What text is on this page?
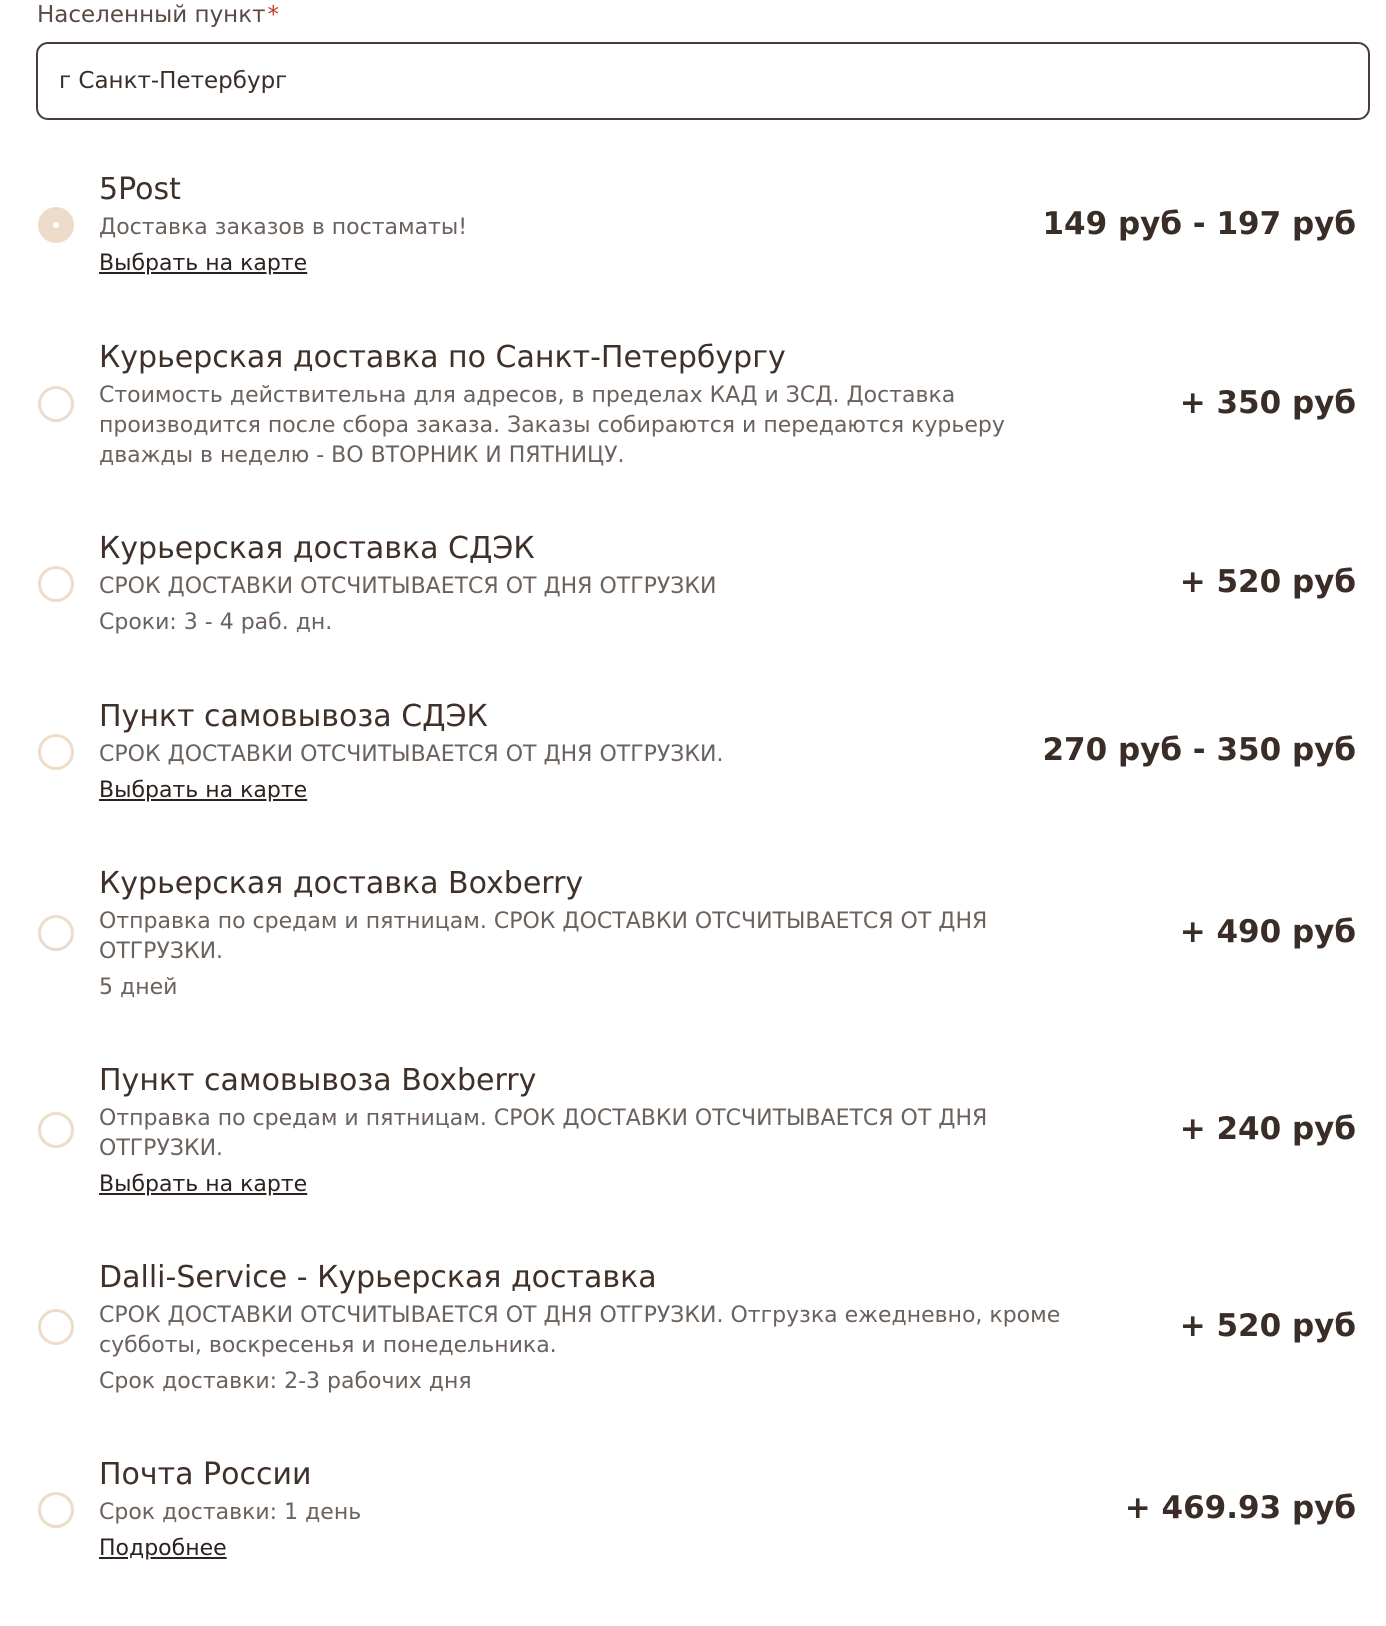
Населенный пункт*
г Санкт-Петербург
5Post
Доставка заказов в постаматы!
Выбрать на карте
149 руб - 197 руб
Курьерская доставка по Санкт-Петербургу
Стоимость действительна для адресов, в пределах КАД и ЗСД. Доставка производится после сбора заказа. Заказы собираются и передаются курьеру дважды в неделю - ВО ВТОРНИК И ПЯТНИЦУ.
+ 350 руб
Курьерская доставка СДЭК
СРОК ДОСТАВКИ ОТСЧИТЫВАЕТСЯ ОТ ДНЯ ОТГРУЗКИ
Сроки: 3 - 4 раб. дн.
+ 520 руб
Пункт самовывоза СДЭК
СРОК ДОСТАВКИ ОТСЧИТЫВАЕТСЯ ОТ ДНЯ ОТГРУЗКИ.
Выбрать на карте
270 руб - 350 руб
Курьерская доставка Boxberry
Отправка по средам и пятницам. СРОК ДОСТАВКИ ОТСЧИТЫВАЕТСЯ ОТ ДНЯ ОТГРУЗКИ.
5 дней
+ 490 руб
Пункт самовывоза Boxberry
Отправка по средам и пятницам. СРОК ДОСТАВКИ ОТСЧИТЫВАЕТСЯ ОТ ДНЯ ОТГРУЗКИ.
Выбрать на карте
+ 240 руб
Dalli-Service - Курьерская доставка
СРОК ДОСТАВКИ ОТСЧИТЫВАЕТСЯ ОТ ДНЯ ОТГРУЗКИ. Отгрузка ежедневно, кроме субботы, воскресенья и понедельника.
Срок доставки: 2-3 рабочих дня
+ 520 руб
Почта России
Срок доставки: 1 день
Подробнее
+ 469.93 руб
